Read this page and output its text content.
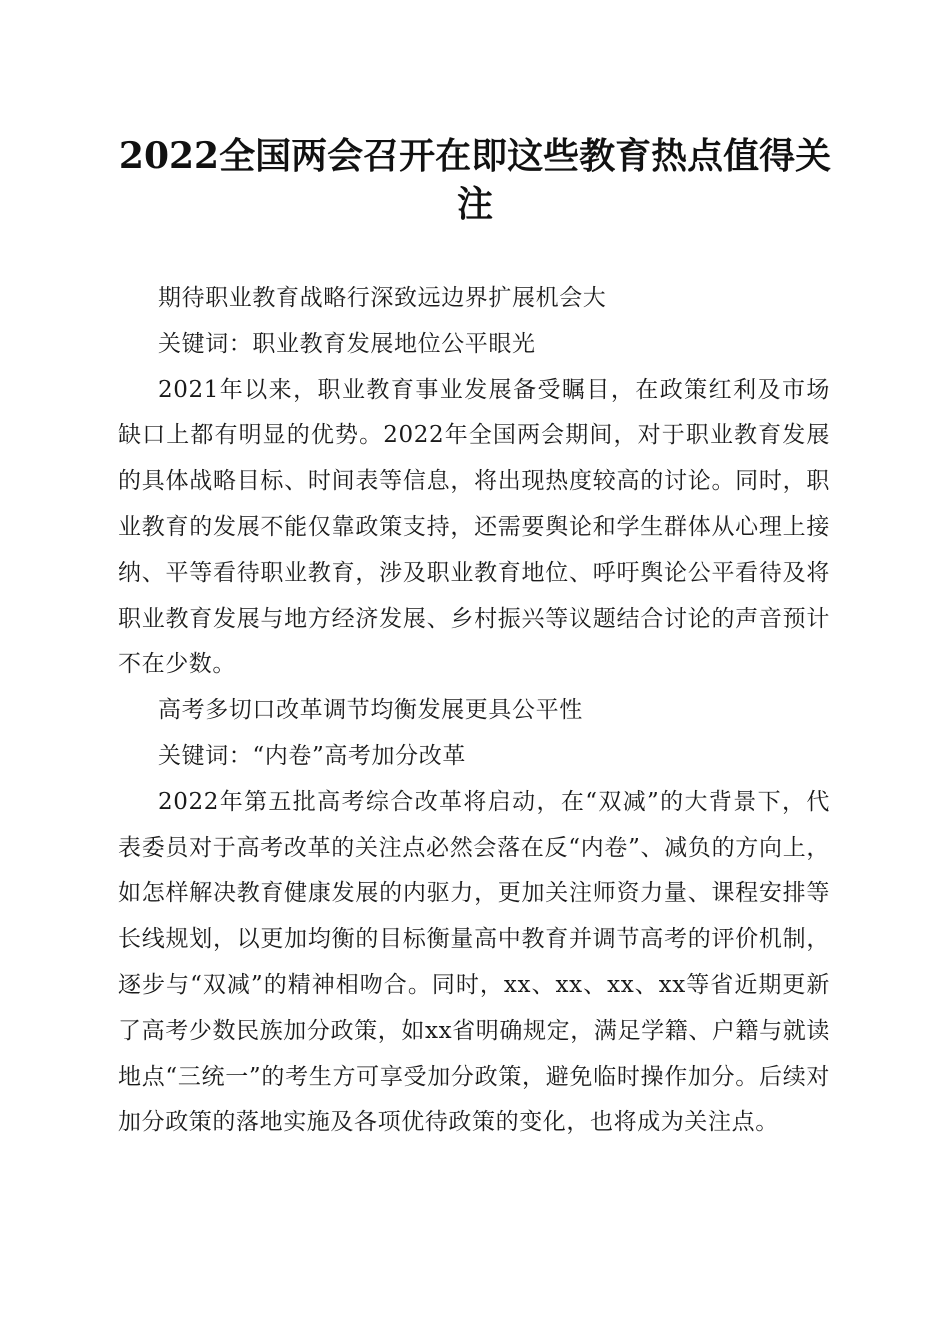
2022全国两会召开在即这些教育热点值得关注

期待职业教育战略行深致远边界扩展机会大

关键词：职业教育发展地位公平眼光

2021年以来，职业教育事业发展备受瞩目，在政策红利及市场缺口上都有明显的优势。2022年全国两会期间，对于职业教育发展的具体战略目标、时间表等信息，将出现热度较高的讨论。同时，职业教育的发展不能仅靠政策支持，还需要舆论和学生群体从心理上接纳、平等看待职业教育，涉及职业教育地位、呼吁舆论公平看待及将职业教育发展与地方经济发展、乡村振兴等议题结合讨论的声音预计不在少数。

高考多切口改革调节均衡发展更具公平性

关键词：“内卷”高考加分改革

2022年第五批高考综合改革将启动，在“双减”的大背景下，代表委员对于高考改革的关注点必然会落在反“内卷”、减负的方向上，如怎样解决教育健康发展的内驱力，更加关注师资力量、课程安排等长线规划，以更加均衡的目标衡量高中教育并调节高考的评价机制，逐步与“双减”的精神相吻合。同时，xx、xx、xx、xx等省近期更新了高考少数民族加分政策，如xx省明确规定，满足学籍、户籍与就读地点“三统一”的考生方可享受加分政策，避免临时操作加分。后续对加分政策的落地实施及各项优待政策的变化，也将成为关注点。
